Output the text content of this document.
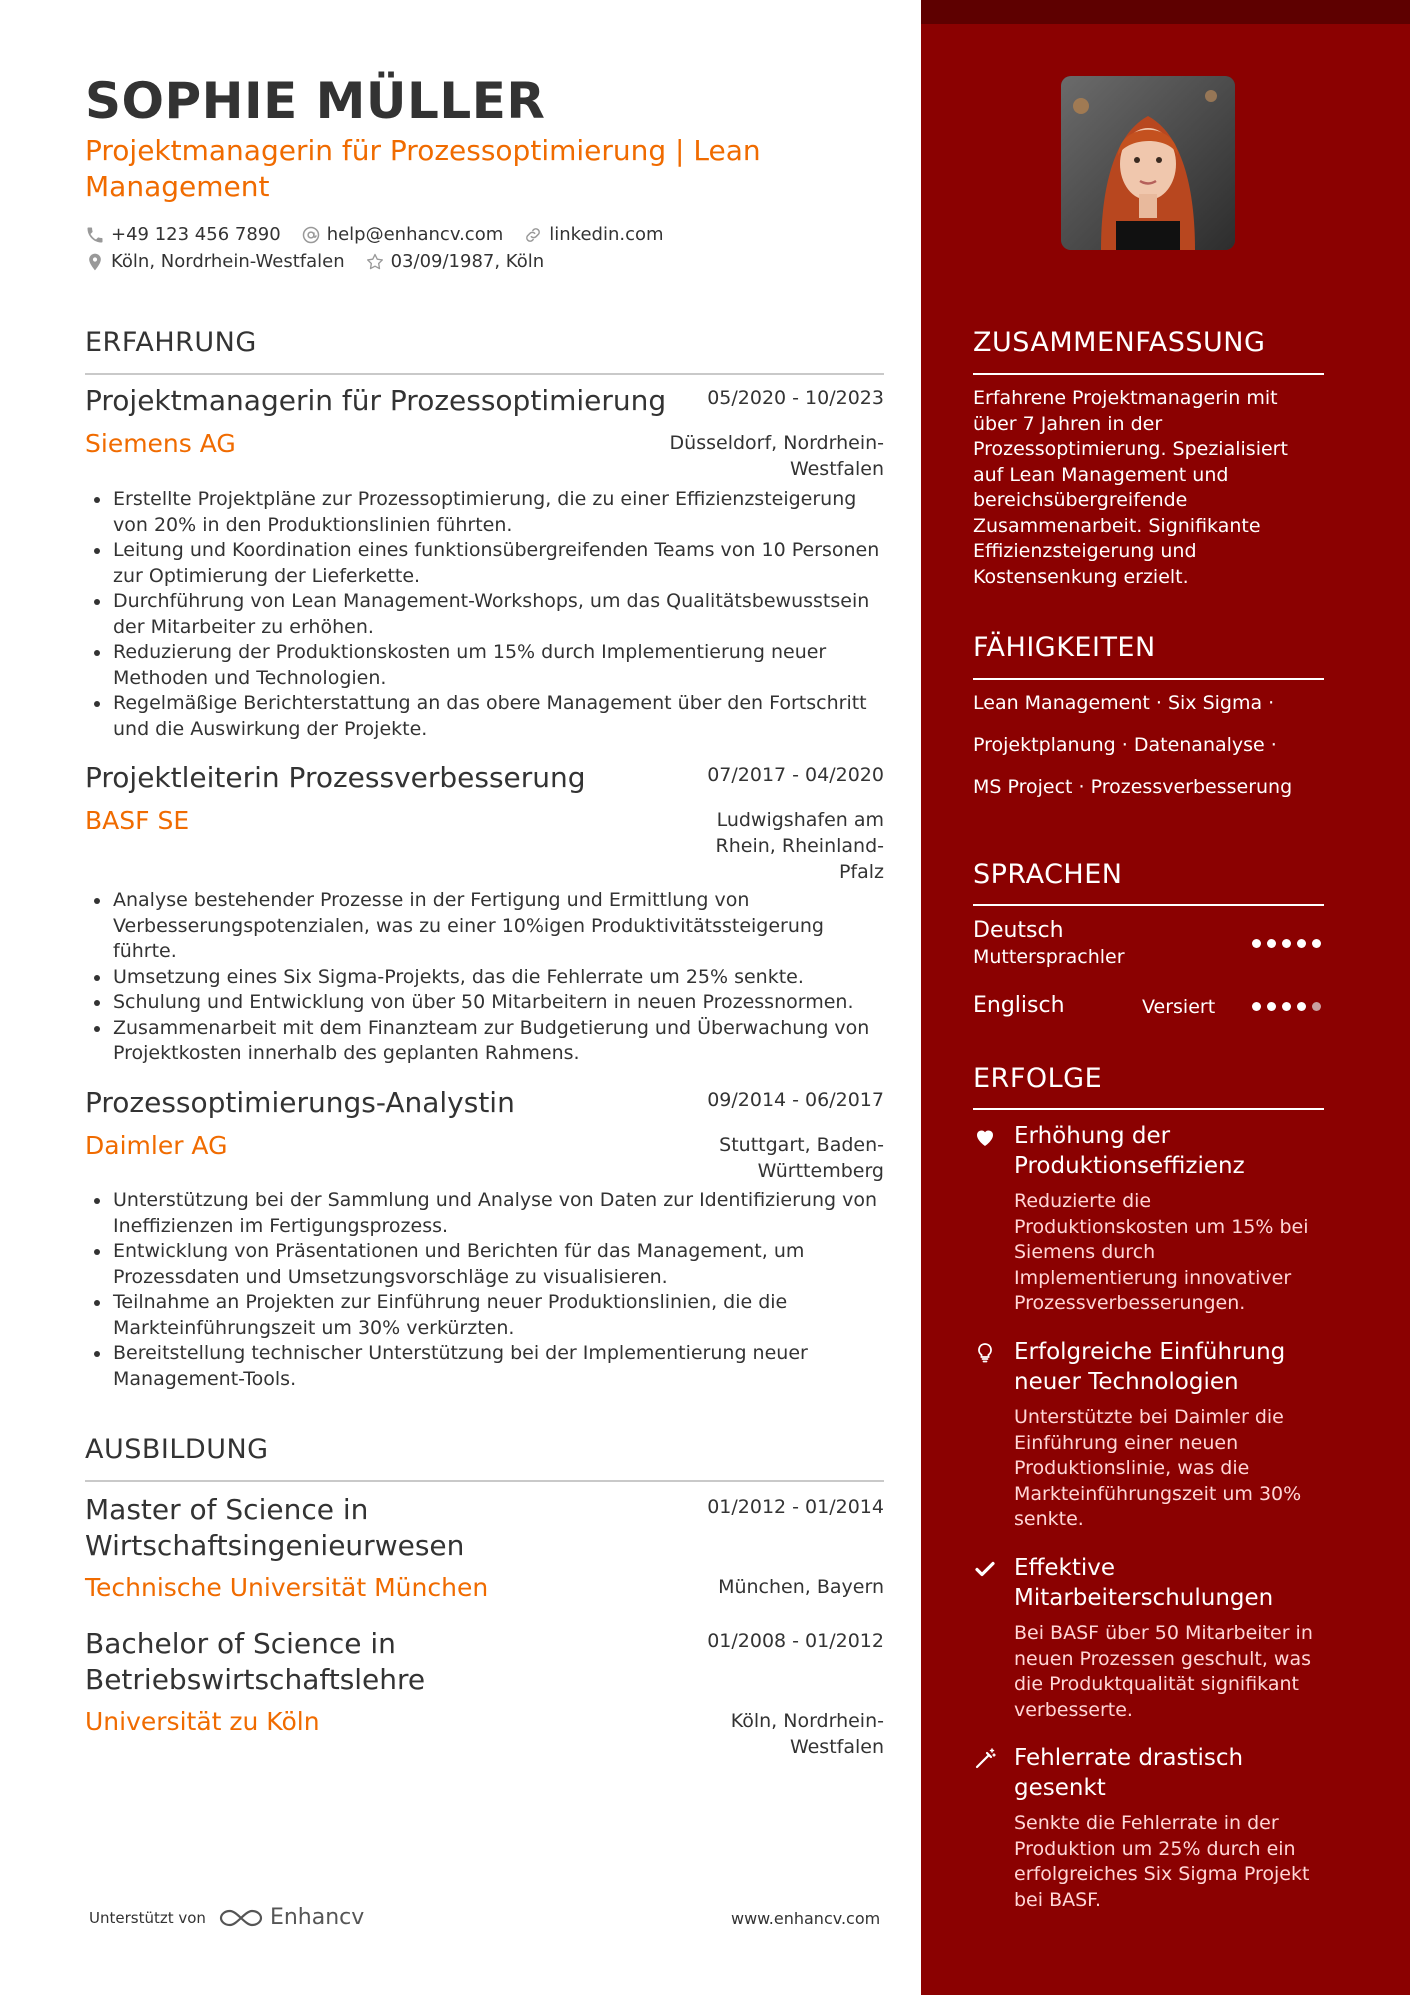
SOPHIE MÜLLER
Projektmanagerin für Prozessoptimierung | Lean Management
+49 123 456 7890	help@enhancv.com	linkedin.com
Köln, Nordrhein-Westfalen	03/09/1987, Köln
ERFAHRUNG
Projektmanagerin für Prozessoptimierung 05/2020 - 10/2023
Siemens AG	Düsseldorf, Nordrhein-Westfalen
Erstellte Projektpläne zur Prozessoptimierung, die zu einer Effizienzsteigerung von 20% in den Produktionslinien führten.
Leitung und Koordination eines funktionsübergreifenden Teams von 10 Personen zur Optimierung der Lieferkette.
Durchführung von Lean Management-Workshops, um das Qualitätsbewusstsein der Mitarbeiter zu erhöhen.
Reduzierung der Produktionskosten um 15% durch Implementierung neuer Methoden und Technologien.
Regelmäßige Berichterstattung an das obere Management über den Fortschritt und die Auswirkung der Projekte.
Projektleiterin Prozessverbesserung	07/2017 - 04/2020
BASF SE	Ludwigshafen am Rhein, Rheinland-Pfalz
Analyse bestehender Prozesse in der Fertigung und Ermittlung von Verbesserungspotenzialen, was zu einer 10%igen Produktivitätssteigerung führte.
Umsetzung eines Six Sigma-Projekts, das die Fehlerrate um 25% senkte.
Schulung und Entwicklung von über 50 Mitarbeitern in neuen Prozessnormen.
Zusammenarbeit mit dem Finanzteam zur Budgetierung und Überwachung von Projektkosten innerhalb des geplanten Rahmens.
Prozessoptimierungs-Analystin	09/2014 - 06/2017
Daimler AG	Stuttgart, Baden-Württemberg
Unterstützung bei der Sammlung und Analyse von Daten zur Identifizierung von Ineffizienzen im Fertigungsprozess.
Entwicklung von Präsentationen und Berichten für das Management, um Prozessdaten und Umsetzungsvorschläge zu visualisieren.
Teilnahme an Projekten zur Einführung neuer Produktionslinien, die die Markteinführungszeit um 30% verkürzten.
Bereitstellung technischer Unterstützung bei der Implementierung neuer Management-Tools.
AUSBILDUNG
Master of Science in Wirtschaftsingenieurwesen
01/2012 - 01/2014
Technische Universität München	München, Bayern
Bachelor of Science in Betriebswirtschaftslehre
01/2008 - 01/2012
Universität zu Köln	Köln, Nordrhein-Westfalen
Unterstützt von	Enhancv	www.enhancv.com
ZUSAMMENFASSUNG
Erfahrene Projektmanagerin mit über 7 Jahren in der Prozessoptimierung. Spezialisiert auf Lean Management und bereichsübergreifende Zusammenarbeit. Signifikante Effizienzsteigerung und Kostensenkung erzielt.
FÄHIGKEITEN
Lean Management · Six Sigma ·
Projektplanung · Datenanalyse ·
MS Project · Prozessverbesserung
SPRACHEN
Deutsch
Muttersprachler
Englisch	Versiert
ERFOLGE
Erhöhung der Produktionseffizienz
Reduzierte die Produktionskosten um 15% bei Siemens durch Implementierung innovativer Prozessverbesserungen.
Erfolgreiche Einführung neuer Technologien
Unterstützte bei Daimler die Einführung einer neuen Produktionslinie, was die Markteinführungszeit um 30% senkte.
Effektive Mitarbeiterschulungen
Bei BASF über 50 Mitarbeiter in neuen Prozessen geschult, was die Produktqualität signifikant verbesserte.
Fehlerrate drastisch gesenkt
Senkte die Fehlerrate in der Produktion um 25% durch ein erfolgreiches Six Sigma Projekt bei BASF.
